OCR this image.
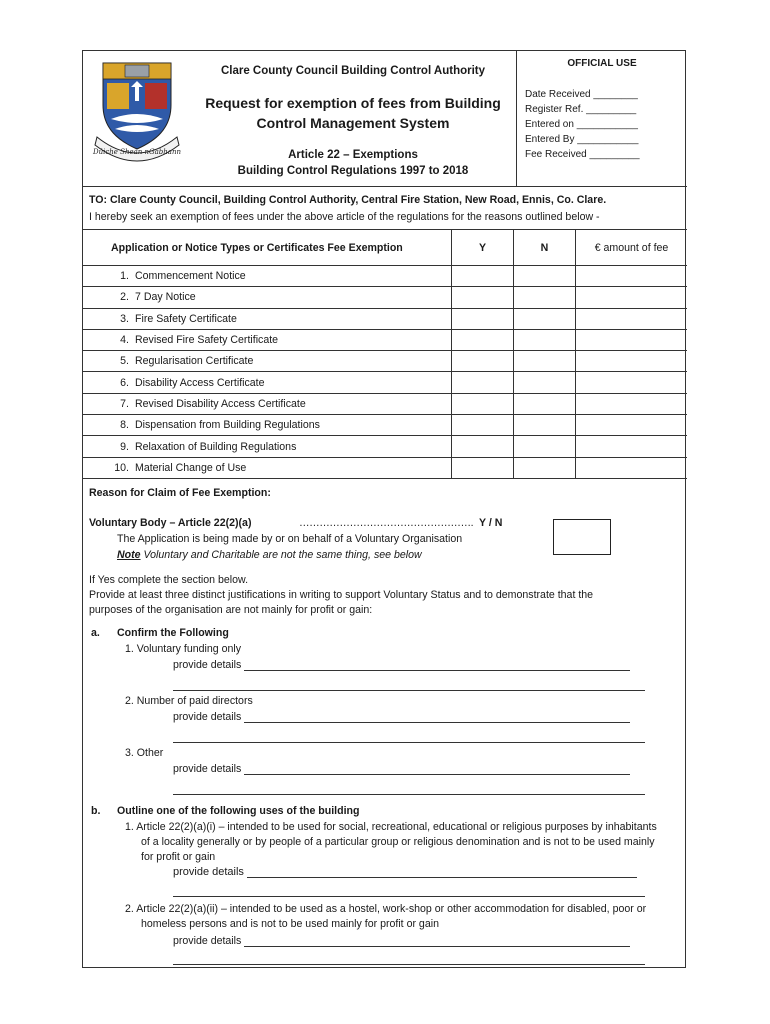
Dúiche Sheán nGabhann
Clare County Council Building Control Authority
Request for exemption of fees from Building
Control Management System
Article 22 – Exemptions
Building Control Regulations 1997 to 2018
OFFICIAL USE
Date Received ________
Register Ref. _________
Entered on ___________
Entered By ___________
Fee Received _________
TO: Clare County Council, Building Control Authority, Central Fire Station, New Road, Ennis, Co. Clare.
I hereby seek an exemption of fees under the above article of the regulations for the reasons outlined below -
Application or Notice Types or Certificates Fee Exemption	Y	N	€ amount of fee
1. Commencement Notice
2. 7 Day Notice
3. Fire Safety Certificate
4. Revised Fire Safety Certificate
5. Regularisation Certificate
6. Disability Access Certificate
7. Revised Disability Access Certificate
8. Dispensation from Building Regulations
9. Relaxation of Building Regulations
10. Material Change of Use
Reason for Claim of Fee Exemption:
Voluntary Body – Article 22(2)(a)	……………………………………………. Y / N
The Application is being made by or on behalf of a Voluntary Organisation
Note Voluntary and Charitable are not the same thing, see below
If Yes complete the section below.
Provide at least three distinct justifications in writing to support Voluntary Status and to demonstrate that the
purposes of the organisation are not mainly for profit or gain:
a. Confirm the Following
1. Voluntary funding only
provide details
2. Number of paid directors
provide details
3. Other
provide details
b. Outline one of the following uses of the building
1. Article 22(2)(a)(i) – intended to be used for social, recreational, educational or religious purposes by inhabitants
of a locality generally or by people of a particular group or religious denomination and is not to be used mainly
for profit or gain
provide details
2. Article 22(2)(a)(ii) – intended to be used as a hostel, work-shop or other accommodation for disabled, poor or
homeless persons and is not to be used mainly for profit or gain
provide details
